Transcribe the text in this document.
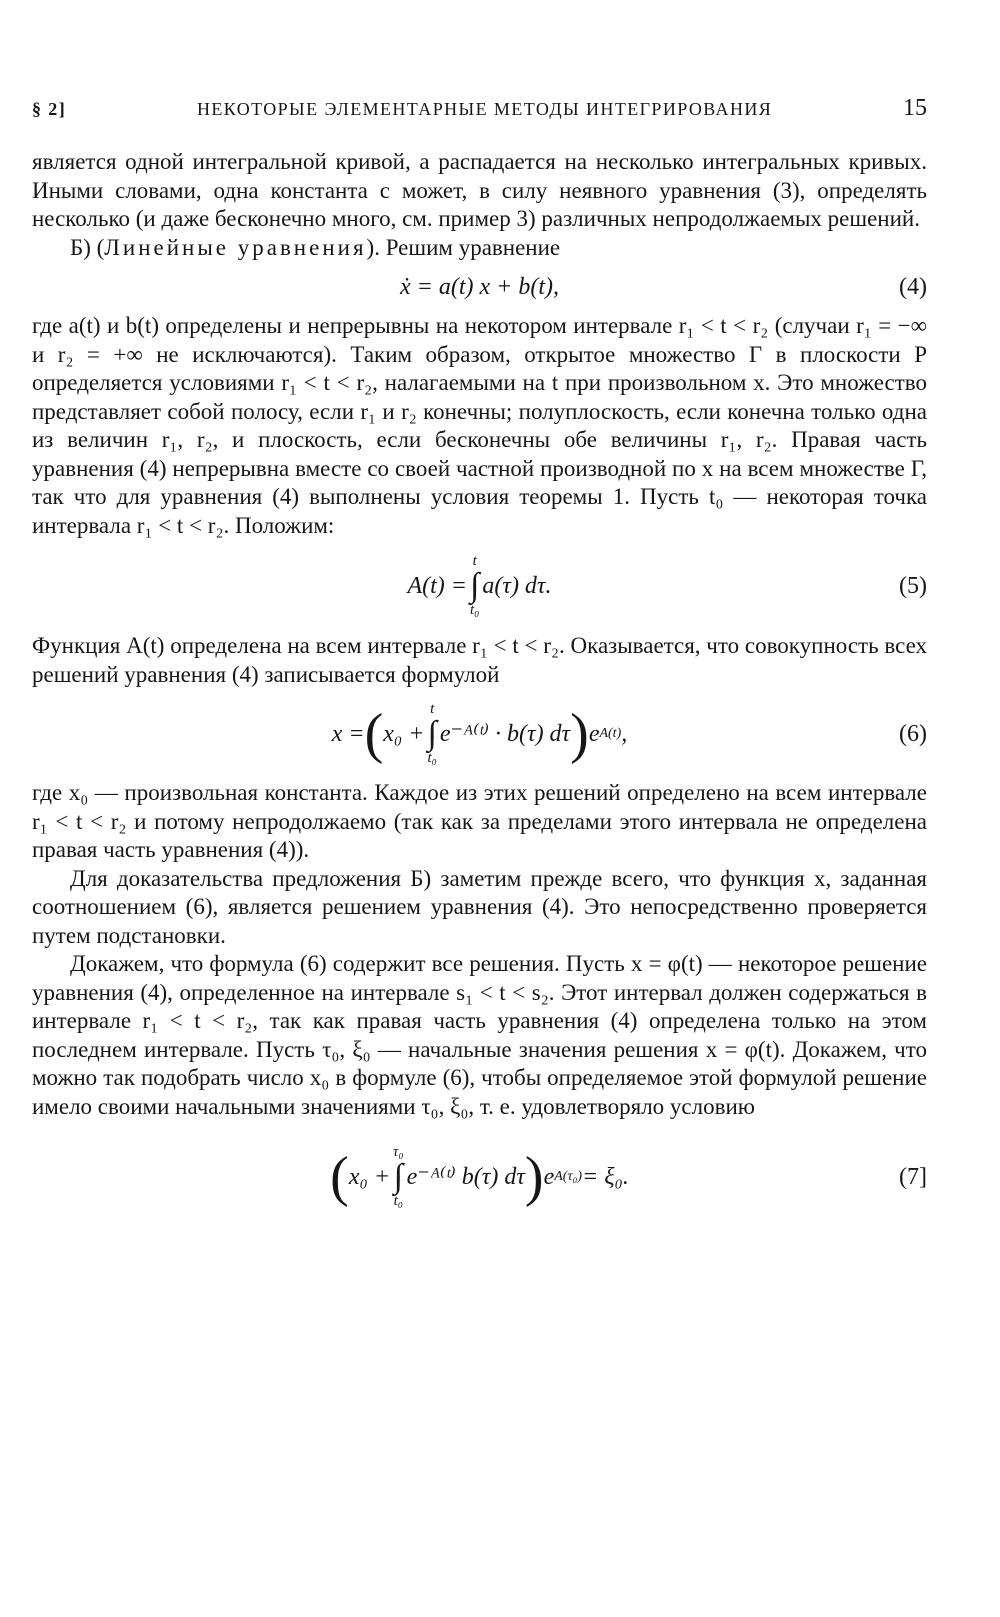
§ 2]	НЕКОТОРЫЕ ЭЛЕМЕНТАРНЫЕ МЕТОДЫ ИНТЕГРИРОВАНИЯ	15

является одной интегральной кривой, а распадается на несколько интегральных кривых. Иными словами, одна константа с может, в силу неявного уравнения (3), определять несколько (и даже бесконечно много, см. пример 3) различных непродолжаемых решений.

Б) (Линейные уравнения). Решим уравнение

ẋ = a(t) x + b(t),	(4)

где a(t) и b(t) определены и непрерывны на некотором интервале r₁ < t < r₂ (случаи r₁ = −∞ и r₂ = +∞ не исключаются). Таким образом, открытое множество Γ в плоскости P определяется условиями r₁ < t < r₂, налагаемыми на t при произвольном x. Это множество представляет собой полосу, если r₁ и r₂ конечны; полуплоскость, если конечна только одна из величин r₁, r₂, и плоскость, если бесконечны обе величины r₁, r₂. Правая часть уравнения (4) непрерывна вместе со своей частной производной по x на всем множестве Γ, так что для уравнения (4) выполнены условия теоремы 1. Пусть t₀ — некоторая точка интервала r₁ < t < r₂. Положим:

A(t) =
t
∫
t₀
a(τ) dτ.	(5)

Функция A(t) определена на всем интервале r₁ < t < r₂. Оказывается, что совокупность всех решений уравнения (4) записывается формулой

x = ( x₀ +
t
∫
t₀
e⁻ᴬ⁽ᵗ⁾ · b(τ) dτ ) e A(t) ,	(6)

где x₀ — произвольная константа. Каждое из этих решений определено на всем интервале r₁ < t < r₂ и потому непродолжаемо (так как за пределами этого интервала не определена правая часть уравнения (4)).

Для доказательства предложения Б) заметим прежде всего, что функция x, заданная соотношением (6), является решением уравнения (4). Это непосредственно проверяется путем подстановки.

Докажем, что формула (6) содержит все решения. Пусть x = φ(t) — некоторое решение уравнения (4), определенное на интервале s₁ < t < s₂. Этот интервал должен содержаться в интервале r₁ < t < r₂, так как правая часть уравнения (4) определена только на этом последнем интервале. Пусть τ₀, ξ₀ — начальные значения решения x = φ(t). Докажем, что можно так подобрать число x₀ в формуле (6), чтобы определяемое этой формулой решение имело своими начальными значениями τ₀, ξ₀, т. е. удовлетворяло условию

( x₀ +
τ₀
∫
t₀
e⁻ᴬ⁽ᵗ⁾ b(τ) dτ ) e A(τ₀) = ξ₀.	(7]
